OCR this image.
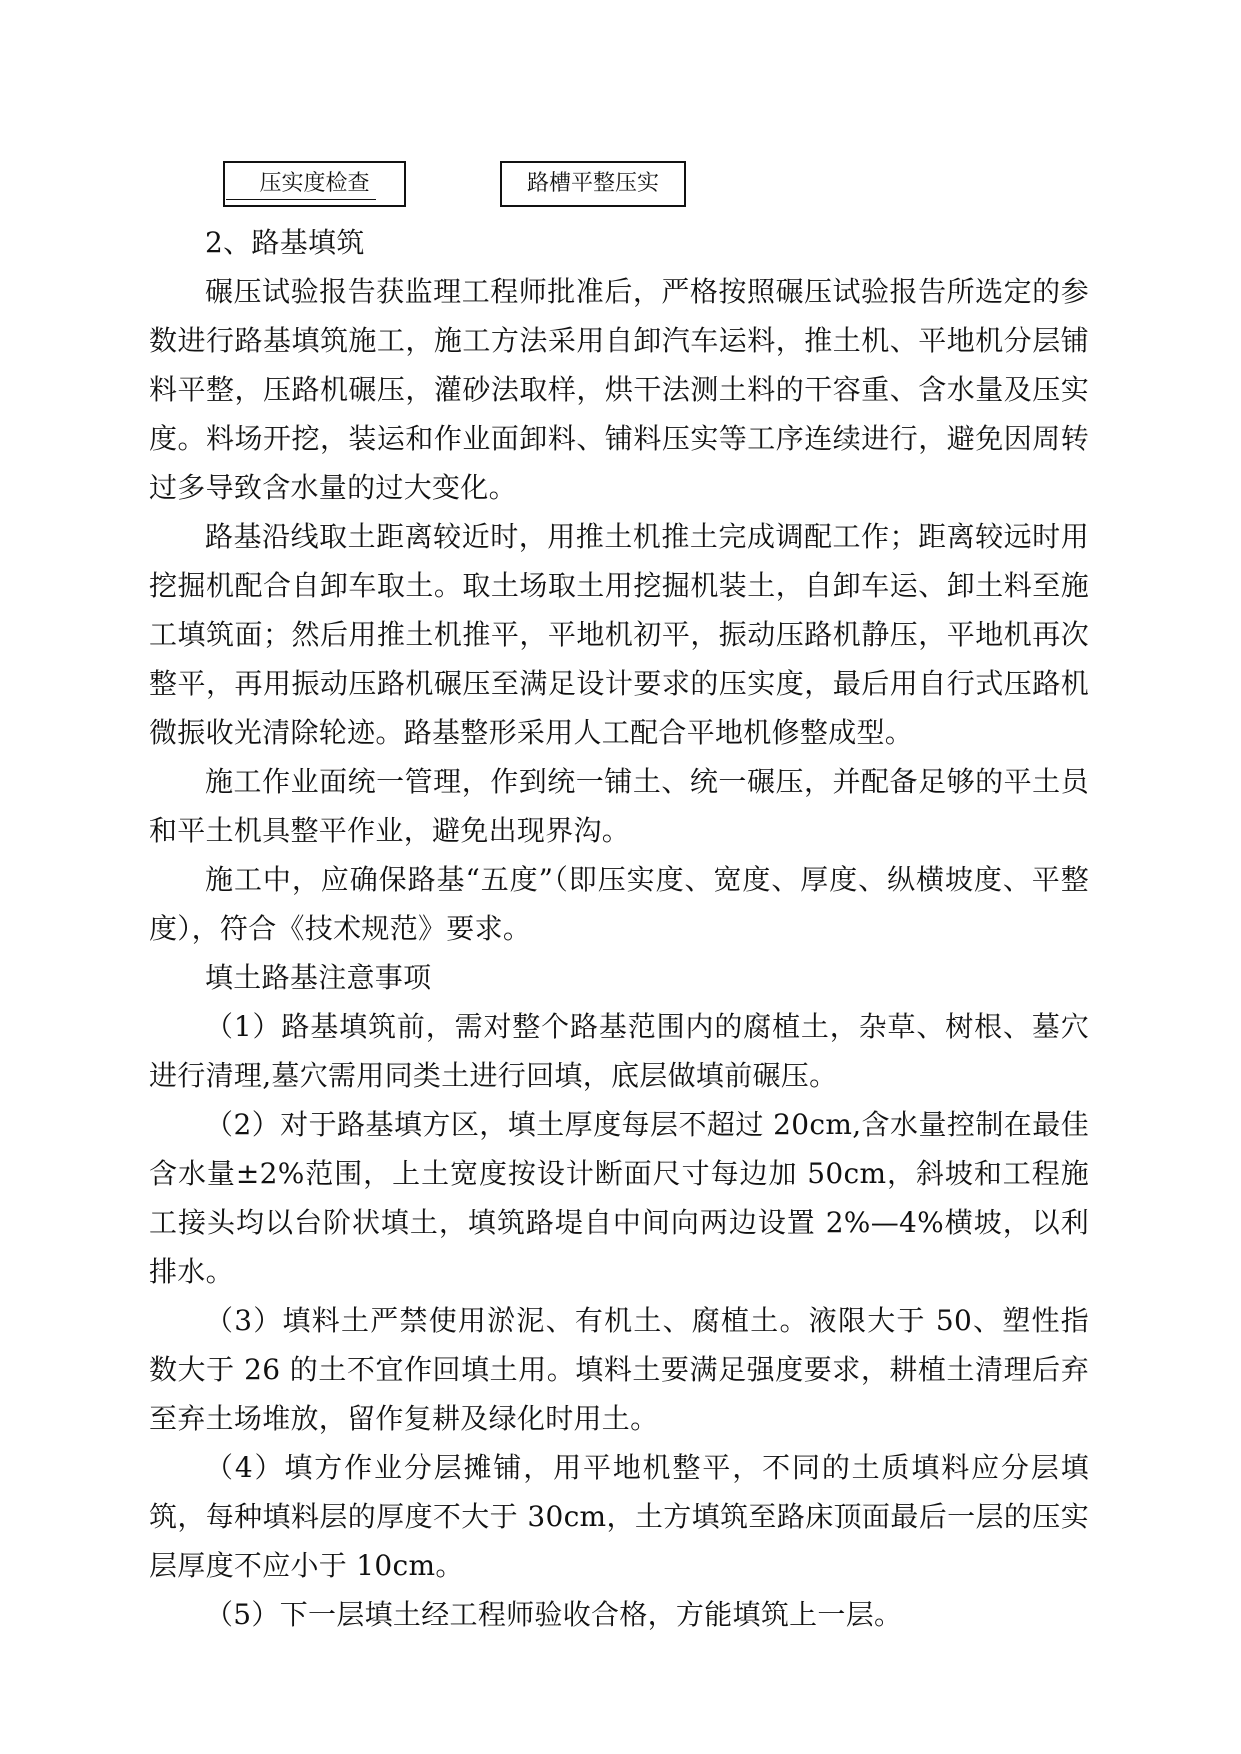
压实度检查	路槽平整压实

2、路基填筑

碾压试验报告获监理工程师批准后，严格按照碾压试验报告所选定的参数进行路基填筑施工，施工方法采用自卸汽车运料，推土机、平地机分层铺料平整，压路机碾压，灌砂法取样，烘干法测土料的干容重、含水量及压实度。料场开挖，装运和作业面卸料、铺料压实等工序连续进行，避免因周转过多导致含水量的过大变化。

路基沿线取土距离较近时，用推土机推土完成调配工作；距离较远时用挖掘机配合自卸车取土。取土场取土用挖掘机装土，自卸车运、卸土料至施工填筑面；然后用推土机推平，平地机初平，振动压路机静压，平地机再次整平，再用振动压路机碾压至满足设计要求的压实度，最后用自行式压路机微振收光清除轮迹。路基整形采用人工配合平地机修整成型。

施工作业面统一管理，作到统一铺土、统一碾压，并配备足够的平土员和平土机具整平作业，避免出现界沟。

施工中，应确保路基“五度”（即压实度、宽度、厚度、纵横坡度、平整度），符合《技术规范》要求。

填土路基注意事项

（1）路基填筑前，需对整个路基范围内的腐植土，杂草、树根、墓穴进行清理,墓穴需用同类土进行回填，底层做填前碾压。

（2）对于路基填方区，填土厚度每层不超过 20cm,含水量控制在最佳含水量±2%范围，上土宽度按设计断面尺寸每边加 50cm，斜坡和工程施工接头均以台阶状填土，填筑路堤自中间向两边设置 2%—4%横坡，以利排水。

（3）填料土严禁使用淤泥、有机土、腐植土。液限大于 50、塑性指数大于 26 的土不宜作回填土用。填料土要满足强度要求，耕植土清理后弃至弃土场堆放，留作复耕及绿化时用土。

（4）填方作业分层摊铺，用平地机整平，不同的土质填料应分层填筑，每种填料层的厚度不大于 30cm，土方填筑至路床顶面最后一层的压实层厚度不应小于 10cm。

（5）下一层填土经工程师验收合格，方能填筑上一层。
